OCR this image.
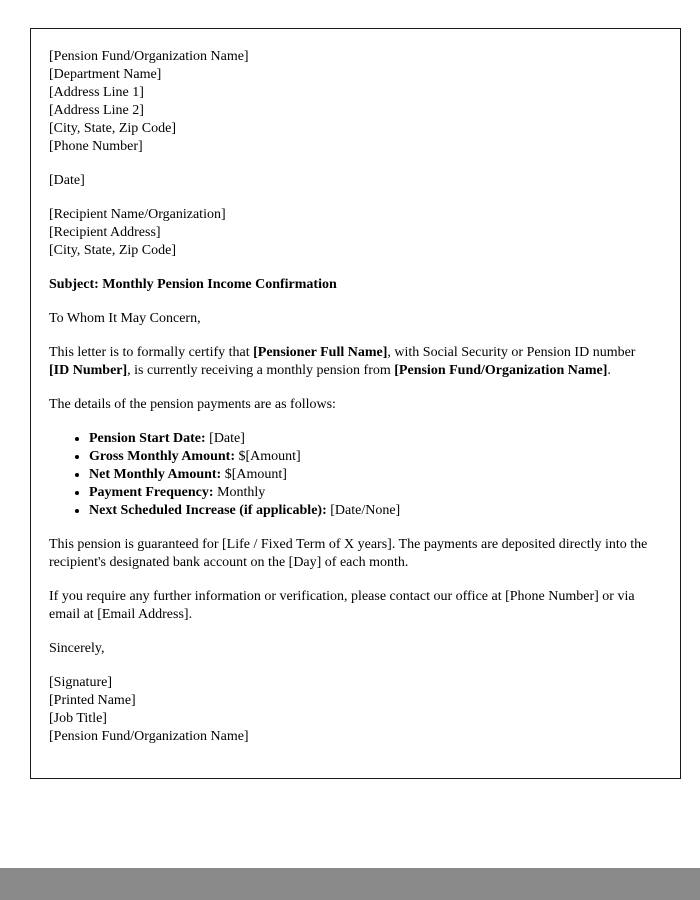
[Pension Fund/Organization Name]
[Department Name]
[Address Line 1]
[Address Line 2]
[City, State, Zip Code]
[Phone Number]

[Date]

[Recipient Name/Organization]
[Recipient Address]
[City, State, Zip Code]

Subject: Monthly Pension Income Confirmation

To Whom It May Concern,

This letter is to formally certify that [Pensioner Full Name], with Social Security or Pension ID number [ID Number], is currently receiving a monthly pension from [Pension Fund/Organization Name].

The details of the pension payments are as follows:

• Pension Start Date: [Date]
• Gross Monthly Amount: $[Amount]
• Net Monthly Amount: $[Amount]
• Payment Frequency: Monthly
• Next Scheduled Increase (if applicable): [Date/None]

This pension is guaranteed for [Life / Fixed Term of X years]. The payments are deposited directly into the recipient's designated bank account on the [Day] of each month.

If you require any further information or verification, please contact our office at [Phone Number] or via email at [Email Address].

Sincerely,

[Signature]
[Printed Name]
[Job Title]
[Pension Fund/Organization Name]
